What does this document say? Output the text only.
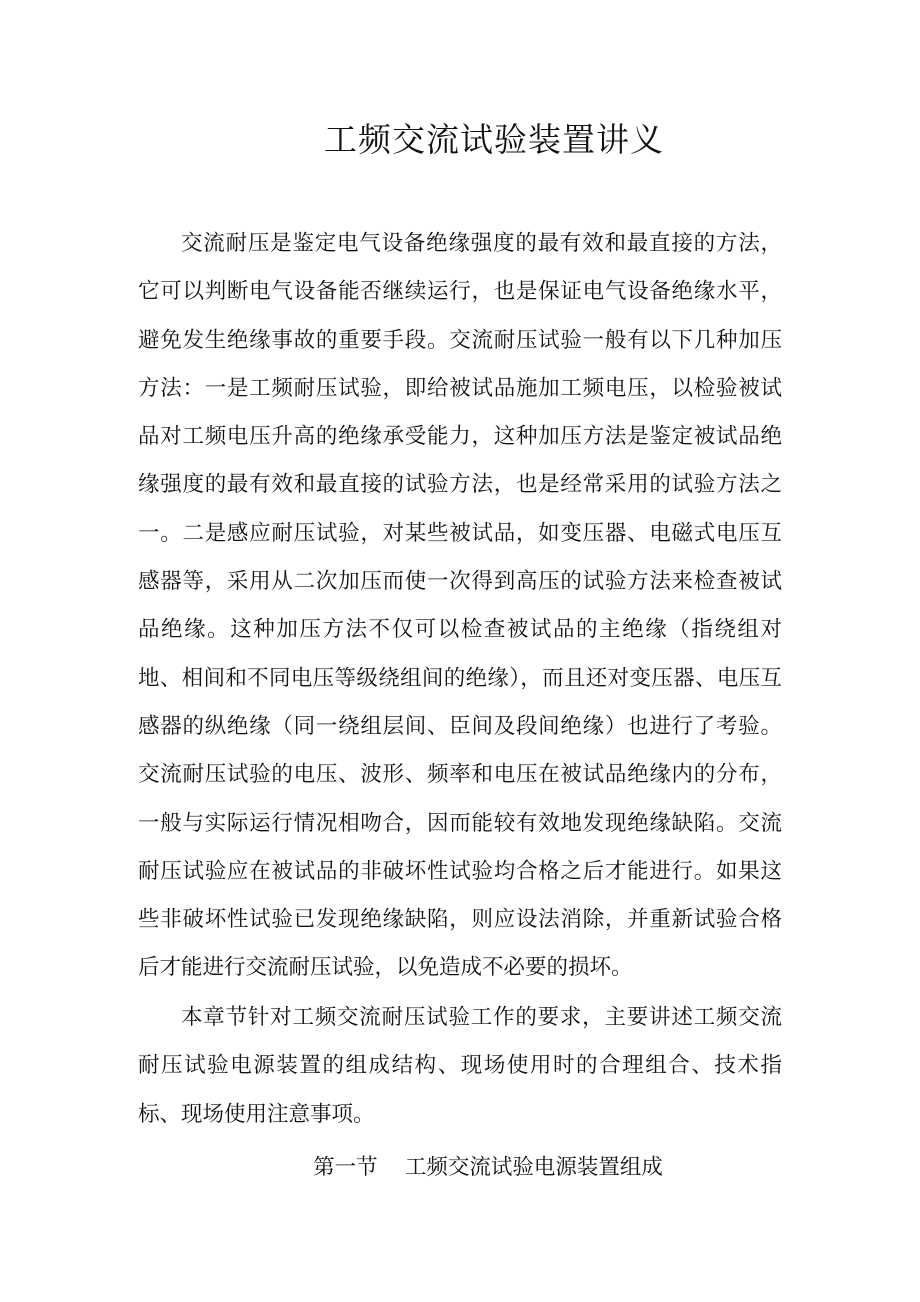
工频交流试验装置讲义

交流耐压是鉴定电气设备绝缘强度的最有效和最直接的方法，它可以判断电气设备能否继续运行，也是保证电气设备绝缘水平，避免发生绝缘事故的重要手段。交流耐压试验一般有以下几种加压方法：一是工频耐压试验，即给被试品施加工频电压，以检验被试品对工频电压升高的绝缘承受能力，这种加压方法是鉴定被试品绝缘强度的最有效和最直接的试验方法，也是经常采用的试验方法之一。二是感应耐压试验，对某些被试品，如变压器、电磁式电压互感器等，采用从二次加压而使一次得到高压的试验方法来检查被试品绝缘。这种加压方法不仅可以检查被试品的主绝缘（指绕组对地、相间和不同电压等级绕组间的绝缘），而且还对变压器、电压互感器的纵绝缘（同一绕组层间、臣间及段间绝缘）也进行了考验。交流耐压试验的电压、波形、频率和电压在被试品绝缘内的分布，一般与实际运行情况相吻合，因而能较有效地发现绝缘缺陷。交流耐压试验应在被试品的非破坏性试验均合格之后才能进行。如果这些非破坏性试验已发现绝缘缺陷，则应设法消除，并重新试验合格后才能进行交流耐压试验，以免造成不必要的损坏。

本章节针对工频交流耐压试验工作的要求，主要讲述工频交流耐压试验电源装置的组成结构、现场使用时的合理组合、技术指标、现场使用注意事项。

第一节    工频交流试验电源装置组成
